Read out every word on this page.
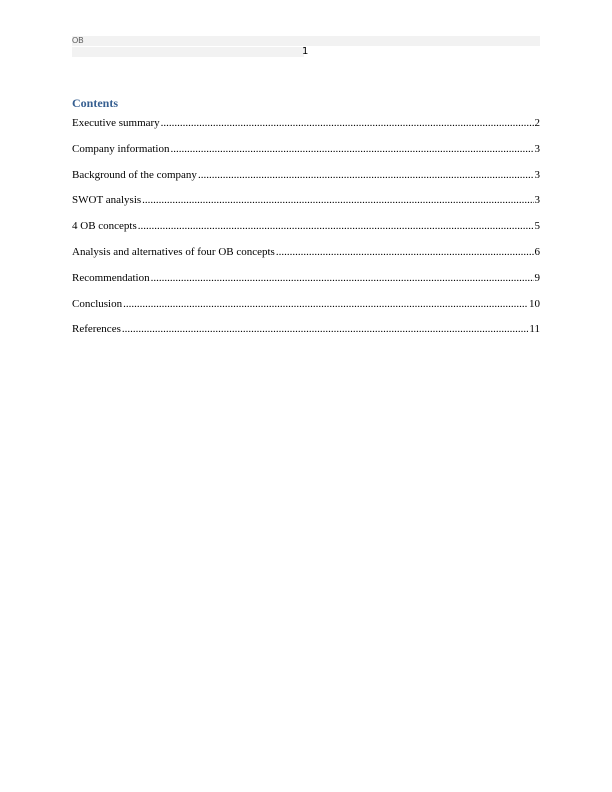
OB
1
Contents
Executive summary .....	2
Company information .....	3
Background of the company .....	3
SWOT analysis .....	3
4 OB concepts .....	5
Analysis and alternatives of four OB concepts .....	6
Recommendation .....	9
Conclusion .....	10
References .....	11
